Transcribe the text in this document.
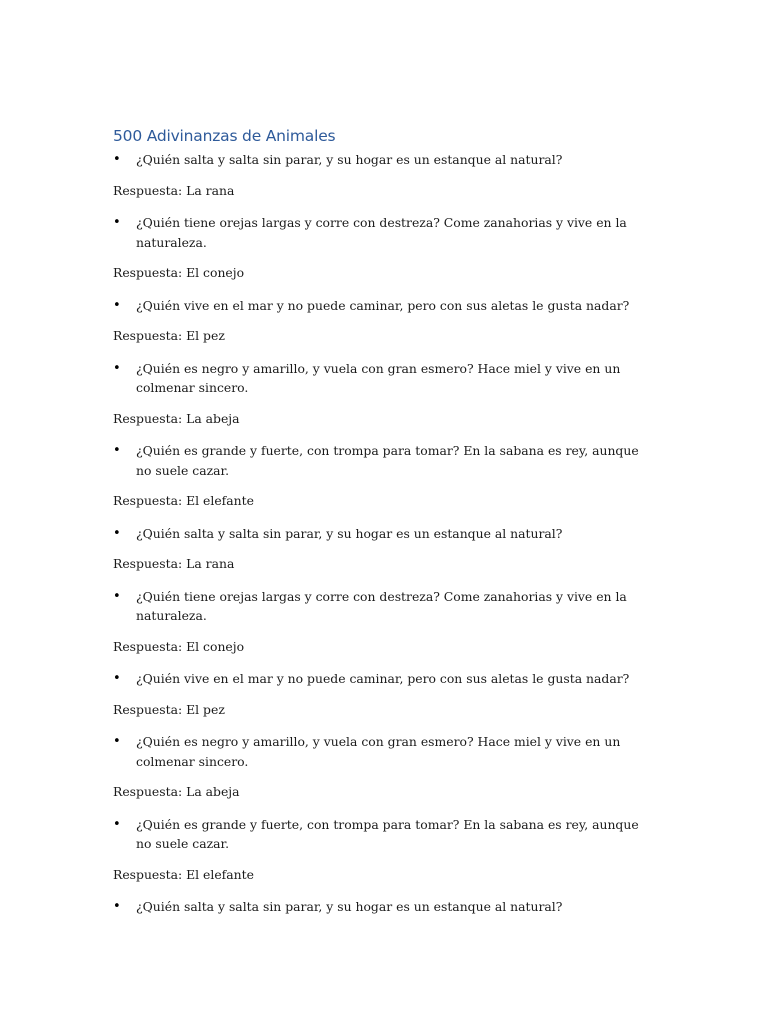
500 Adivinanzas de Animales
• ¿Quién salta y salta sin parar, y su hogar es un estanque al natural?
Respuesta: La rana
• ¿Quién tiene orejas largas y corre con destreza? Come zanahorias y vive en la naturaleza.
Respuesta: El conejo
• ¿Quién vive en el mar y no puede caminar, pero con sus aletas le gusta nadar?
Respuesta: El pez
• ¿Quién es negro y amarillo, y vuela con gran esmero? Hace miel y vive en un colmenar sincero.
Respuesta: La abeja
• ¿Quién es grande y fuerte, con trompa para tomar? En la sabana es rey, aunque no suele cazar.
Respuesta: El elefante
• ¿Quién salta y salta sin parar, y su hogar es un estanque al natural?
Respuesta: La rana
• ¿Quién tiene orejas largas y corre con destreza? Come zanahorias y vive en la naturaleza.
Respuesta: El conejo
• ¿Quién vive en el mar y no puede caminar, pero con sus aletas le gusta nadar?
Respuesta: El pez
• ¿Quién es negro y amarillo, y vuela con gran esmero? Hace miel y vive en un colmenar sincero.
Respuesta: La abeja
• ¿Quién es grande y fuerte, con trompa para tomar? En la sabana es rey, aunque no suele cazar.
Respuesta: El elefante
• ¿Quién salta y salta sin parar, y su hogar es un estanque al natural?
